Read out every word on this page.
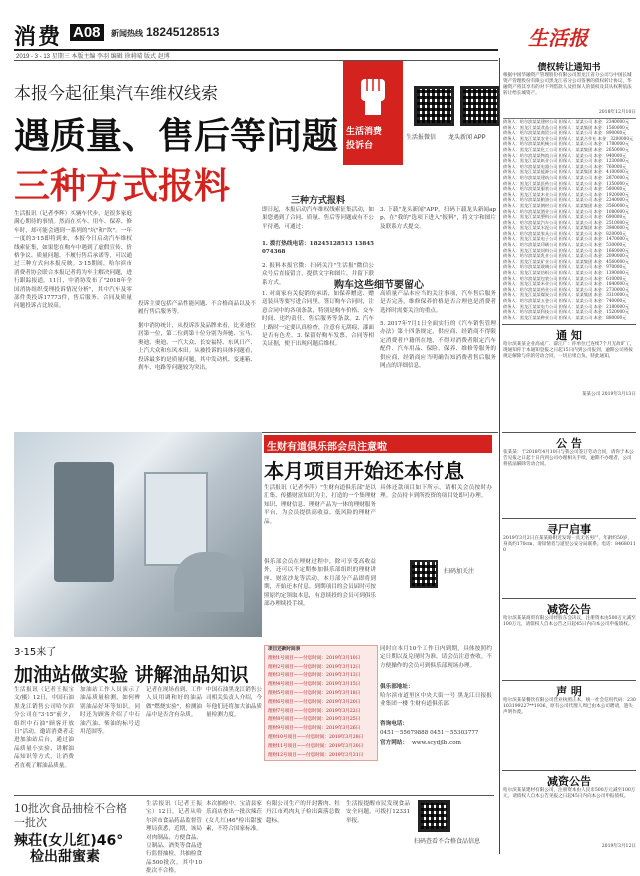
消费 A08	新闻热线 18245128513
2019 - 3 - 13 星期三 本版主编 李羽 编辑 徐莉晴 版式 赵博
生活报
本报今起征集汽车维权线索
遇质量、售后等问题
三种方式报料
生活消费
投诉台
生活报微信 龙头新闻 APP
生活报讯（记者李辉）买辆车代步，是很多家庭满心期待的事情。然而在买车、用车、保养、修车时，却可能会遇到一系列的"坑"和"坎"。一年一度的3·15即将到来，本报今日启动汽车维权线索征集，如果您在购车中遇到了虚假宣传、价格争议、质量问题、不履行售后承诺等，可以通过三种方式向本报反映。3·15期间，哈尔滨市消费者协会联合本报记者将为车主解决问题，进行跟踪报道。11日，中消协发布了"2018年全国消协组织受理投诉情况分析"，其中汽车及零部件类投诉17773件，售后服务、合同及质量问题投诉占比较高。	投诉主要包括产品性能问题、不合格商品以及不履行售后服务等。
据中消协统计，从投诉涉及品牌来看，比亚迪位居第一位，第二位到第十位分别为奔驰、宝马、奥迪、奥迪、一汽大众、长安福特、东风日产、上汽大众和东风本田。从被投诉的具体问题看，投诉最多的是质量问题，其中发动机、变速箱、刹车、电路等问题较为突出。
三种方式报料
即日起，本报启动汽车维权线索征集活动，如果您遇到了合同、质量、售后等问题或有不公平待遇，可通过：
1. 拨打热线电话：18245128513 13845074368
2. 报料本报官微：扫码关注"生活报"微信公众号后直接留言，提供文字和图片，并留下联系方式。
3. 下载"龙头新闻"APP，扫码下载龙头新闻app，在"我的"选项下进入"报料"，将文字和图片及联系方式提交。
购车这些细节要留心
1. 对商家有关促销的承诺，如保养赠送、赠送装具等要写进合同里，签订购车合同时，注意合同中的各项条款，特别是购车价格、交车时间、违约责任、售后服务等条款。2. 汽车上路时一定要认真检查，注意有无刮痕、漆面是否有色差。3. 保留好购车发票、合同等相关证据，便于出现问题后维权。
高质量产品本应当的关注事项，汽车售后服务是否完善，维修保养价格是否合理也是消费者选择时需要关注的重点。
5. 2017年7月1日全面实行的《汽车销售管理办法》第十四条规定，供应商、经销商不得限定消费者户籍所在地，不得对消费者限定汽车配件、汽车用品、保险、保养、维修等服务的供应商，经销商应当明确告知消费者售后服务网点的详细信息。
3·15来了
加油站做实验 讲解油品知识
生活报讯（记者王振宝文/摄）12日，中国石油黑龙江销售公司哈尔滨分公司在"3·15"前夕，组织中石油"顾客开放日"活动，邀请消费者走进加油站后台，通过油品质量小实验、讲解油品知识等方式，让消费者直观了解油品质量。
加油站工作人员演示了油品质量检测，如何辨别油品好坏等知识。同时还为顾客介绍了中石油汽油、柴油的标号适用范围等。
记者在现场看到，工作人员用调和好的油品做"燃烧实验"，检测油品中是否含有杂质。
中国石油黑龙江销售公司相关负责人介绍，今年他们还将加大油品质量检测力度。
生财有道俱乐部会员注意啦
本月项目开始还本付息
生活报讯（记者李萍）"生财有道俱乐部"是以汇集、传播财富知识为主，打造的一个集理财知识、理财信息、理财产品为一体的理财服务平台，为会员提供高收益、低风险的理财产品。
俱乐部会员在理财过程中，除可享受高收益外，还可以不定期参加俱乐部组织的理财讲座、财富沙龙等活动。本月部分产品即将到期，开始还本付息。到期项目的会员届时可按照原约定领取本息，有意续投的会员可到俱乐部办理续投手续。
具体还款项目如下所示，请相关会员按时办理。会员持卡到所投资的项目处即可办理。
扫码加关注
项目还款时间表
理财1号项目——付息时间：2019年3月10日
理财2号项目——付息时间：2019年3月12日
理财3号项目——付息时间：2019年3月13日
理财4号项目——付息时间：2019年3月15日
理财5号项目——付息时间：2019年3月18日
理财6号项目——付息时间：2019年3月20日
理财7号项目——付息时间：2019年3月22日
理财8号项目——付息时间：2019年3月25日
理财9号项目——付息时间：2019年3月26日
理财10号项目——付息时间：2019年3月28日
理财11号项目——付息时间：2019年3月30日
理财12号项目——付息时间：2019年3月31日
同时自本月10个工作日内到期，具体按照约定日期以及兑现时为准。请会员注意查收。不方便操作的会员可到俱乐部现场办理。
俱乐部地址：
哈尔滨市道里区中央大街一号 黑龙江日报报业集团一楼 生财有道俱乐部
咨询电话：
0451－55679888 0451－55303777
官方网站： www.scydjlb.com
10批次食品抽检不合格
一批次
辣荘(女儿红)46°
检出甜蜜素
生活报讯（记者王振宝）12日，记者从哈尔滨市食品药品监督管理局获悉，近期，该局对肉制品、方便食品、豆制品、酒类等食品进行监督抽检，共抽检食品500批次，其中10批次不合格。
本次抽检中，宝清县家乐商店查出一批次辣荘(女儿红)46°检出甜蜜素，不符合国家标准。
有限公司生产的开封酱肉、牡丹江市鸡肉丸子检出菌落总数超标。
生活报提醒市民发现食品安全问题，可拨打12331举报。
扫码查看不合格食品信息
债权转让通知书
根据中国华融资产管理股份有限公司黑龙江省分公司与中国长城资产管理股份有限公司黑龙江省分公司签署的债权转让协议，华融资产将其享有的对下列借款人及担保人的债权及其从权利依法转让给长城资产。
2018年12月10日
债务人：哈尔滨某某建材公司 担保人：某某公司 本金：2340000元
债务人：黑龙江某某食品公司 担保人：某某集团 本金：1560000元
债务人：哈尔滨某某商贸公司 担保人：某某公司 本金：890000元
债务人：黑龙江某某农业公司 担保人：某某合作社 本金：3200000元
债务人：哈尔滨某某机械公司 担保人：某某公司 本金：1780000元
债务人：黑龙江某某化工公司 担保人：某某集团 本金：2650000元
债务人：哈尔滨某某物流公司 担保人：某某公司 本金：940000元
债务人：黑龙江某某纸业公司 担保人：某某公司 本金：1230000元
债务人：哈尔滨某某电器公司 担保人：某某公司 本金：760000元
债务人：黑龙江某某能源公司 担保人：某某集团 本金：4100000元
债务人：哈尔滨某某建筑公司 担保人：某某公司 本金：2870000元
债务人：黑龙江某某医药公司 担保人：某某公司 本金：1350000元
债务人：哈尔滨某某服装公司 担保人：某某公司 本金：580000元
债务人：黑龙江某某木业公司 担保人：某某公司 本金：1920000元
债务人：哈尔滨某某粮油公司 担保人：某某公司 本金：2240000元
债务人：黑龙江某某钢材公司 担保人：某某集团 本金：3560000元
债务人：哈尔滨某某酒业公司 担保人：某某公司 本金：1080000元
债务人：黑龙江某某塑料公司 担保人：某某公司 本金：690000元
债务人：哈尔滨某某汽车公司 担保人：某某公司 本金：2510000元
债务人：黑龙江某某水泥公司 担保人：某某集团 本金：3980000元
债务人：哈尔滨某某家具公司 担保人：某某公司 本金：820000元
债务人：黑龙江某某电子公司 担保人：某某公司 本金：1470000元
债务人：哈尔滨某某印刷公司 担保人：某某公司 本金：530000元
债务人：黑龙江某某饲料公司 担保人：某某公司 本金：1660000元
债务人：哈尔滨某某乳业公司 担保人：某某公司 本金：2090000元
债务人：黑龙江某某矿业公司 担保人：某某集团 本金：4560000元
债务人：哈尔滨某某玻璃公司 担保人：某某公司 本金：970000元
债务人：黑龙江某某纺织公司 担保人：某某公司 本金：1390000元
债务人：哈尔滨某某包装公司 担保人：某某公司 本金：610000元
债务人：黑龙江某某米业公司 担保人：某某公司 本金：1840000元
债务人：哈尔滨某某药业公司 担保人：某某公司 本金：2730000元
债务人：黑龙江某某煤炭公司 担保人：某某集团 本金：3310000元
债务人：哈尔滨某某五金公司 担保人：某某公司 本金：740000元
债务人：黑龙江某某电力公司 担保人：某某公司 本金：2180000元
债务人：哈尔滨某某科技公司 担保人：某某公司 本金：1520000元
债务人：黑龙江某某种业公司 担保人：某某公司 本金：880000元
通 知
哈尔滨某某企业高成广、薛江广：你单位已连续7个月无故旷工，现通知你于本通知登报之日起15日内到公司报到，逾期公司将按规定解除与你的劳动合同，一切后果自负。特此通知。
某某公司 2019年3月13日
公 告
张某某：于2018年4月10日与我公司签订劳动合同，请你于本公告见报之日起十日内到公司办理相关手续，逾期不办理者，公司将依法解除劳动合同。
寻尸启事
2019年3月2日在某某路附近发现一具无名男尸，年龄约50岁，身高约170cm，请知情者与道里公安分局联系。电话：84680110
减资公告
哈尔滨某某商贸有限公司经股东会决议，注册资本由500万元减至100万元，请债权人自本公告之日起45日内向本公司申报债权。
声 明
哈尔滨某某餐饮有限公司营业执照正本，统一社会信用代码：230103199227**1936，原有公司代理人周已由本公司聘请，遗失声明作废。
减资公告
哈尔滨某某建材有限公司，注册资本由人民币500万元减至100万元，请债权人自本公告见报之日起45日内向本公司申报债权。
2019年3月12日
